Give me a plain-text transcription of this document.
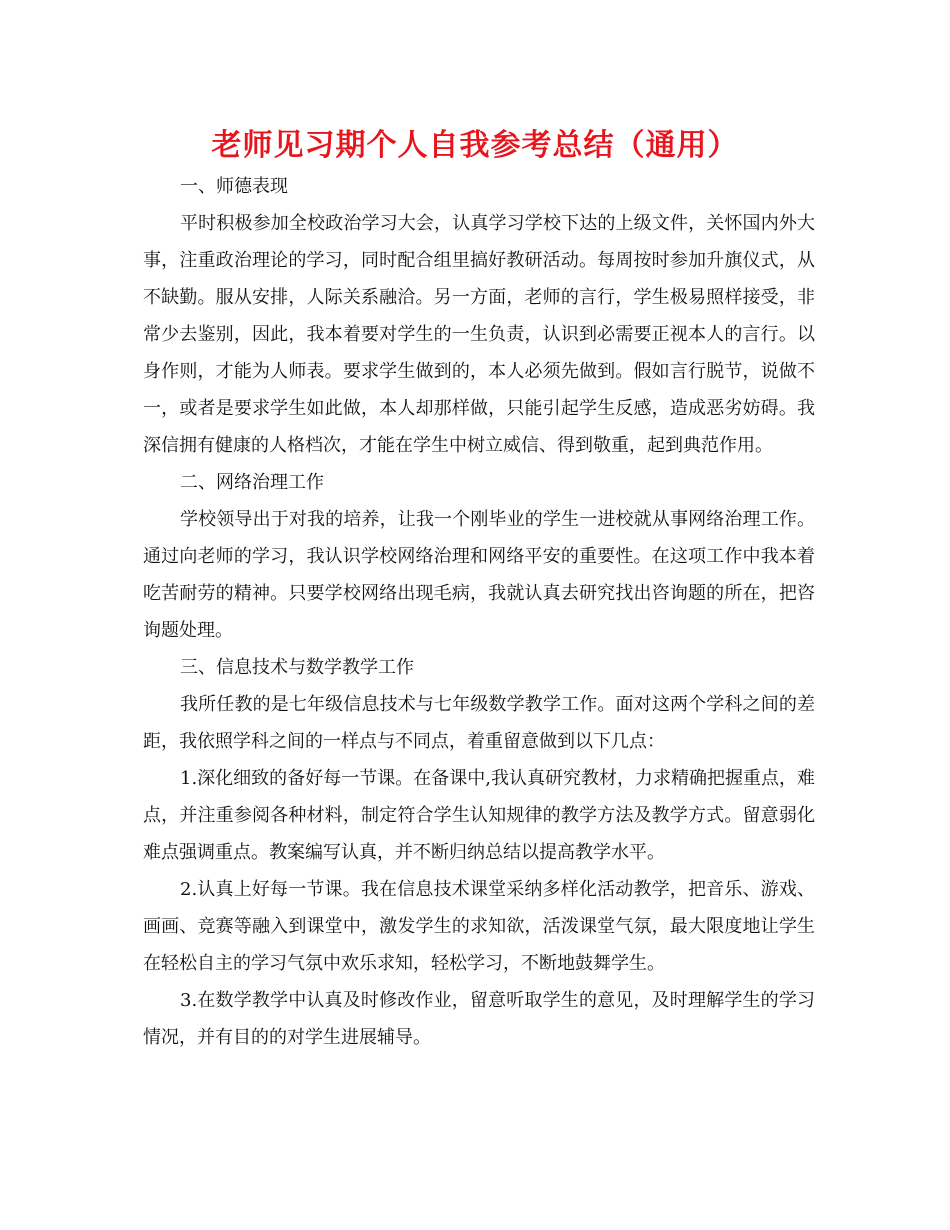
老师见习期个人自我参考总结（通用）

一、师德表现

平时积极参加全校政治学习大会，认真学习学校下达的上级文件，关怀国内外大事，注重政治理论的学习，同时配合组里搞好教研活动。每周按时参加升旗仪式，从不缺勤。服从安排，人际关系融洽。另一方面，老师的言行，学生极易照样接受，非常少去鉴别，因此，我本着要对学生的一生负责，认识到必需要正视本人的言行。以身作则，才能为人师表。要求学生做到的，本人必须先做到。假如言行脱节，说做不一，或者是要求学生如此做，本人却那样做，只能引起学生反感，造成恶劣妨碍。我深信拥有健康的人格档次，才能在学生中树立威信、得到敬重，起到典范作用。

二、网络治理工作

学校领导出于对我的培养，让我一个刚毕业的学生一进校就从事网络治理工作。通过向老师的学习，我认识学校网络治理和网络平安的重要性。在这项工作中我本着吃苦耐劳的精神。只要学校网络出现毛病，我就认真去研究找出咨询题的所在，把咨询题处理。

三、信息技术与数学教学工作

我所任教的是七年级信息技术与七年级数学教学工作。面对这两个学科之间的差距，我依照学科之间的一样点与不同点，着重留意做到以下几点：

1.深化细致的备好每一节课。在备课中,我认真研究教材，力求精确把握重点，难点，并注重参阅各种材料，制定符合学生认知规律的教学方法及教学方式。留意弱化难点强调重点。教案编写认真，并不断归纳总结以提高教学水平。

2.认真上好每一节课。我在信息技术课堂采纳多样化活动教学，把音乐、游戏、画画、竞赛等融入到课堂中，激发学生的求知欲，活泼课堂气氛，最大限度地让学生在轻松自主的学习气氛中欢乐求知，轻松学习，不断地鼓舞学生。

3.在数学教学中认真及时修改作业，留意听取学生的意见，及时理解学生的学习情况，并有目的的对学生进展辅导。
